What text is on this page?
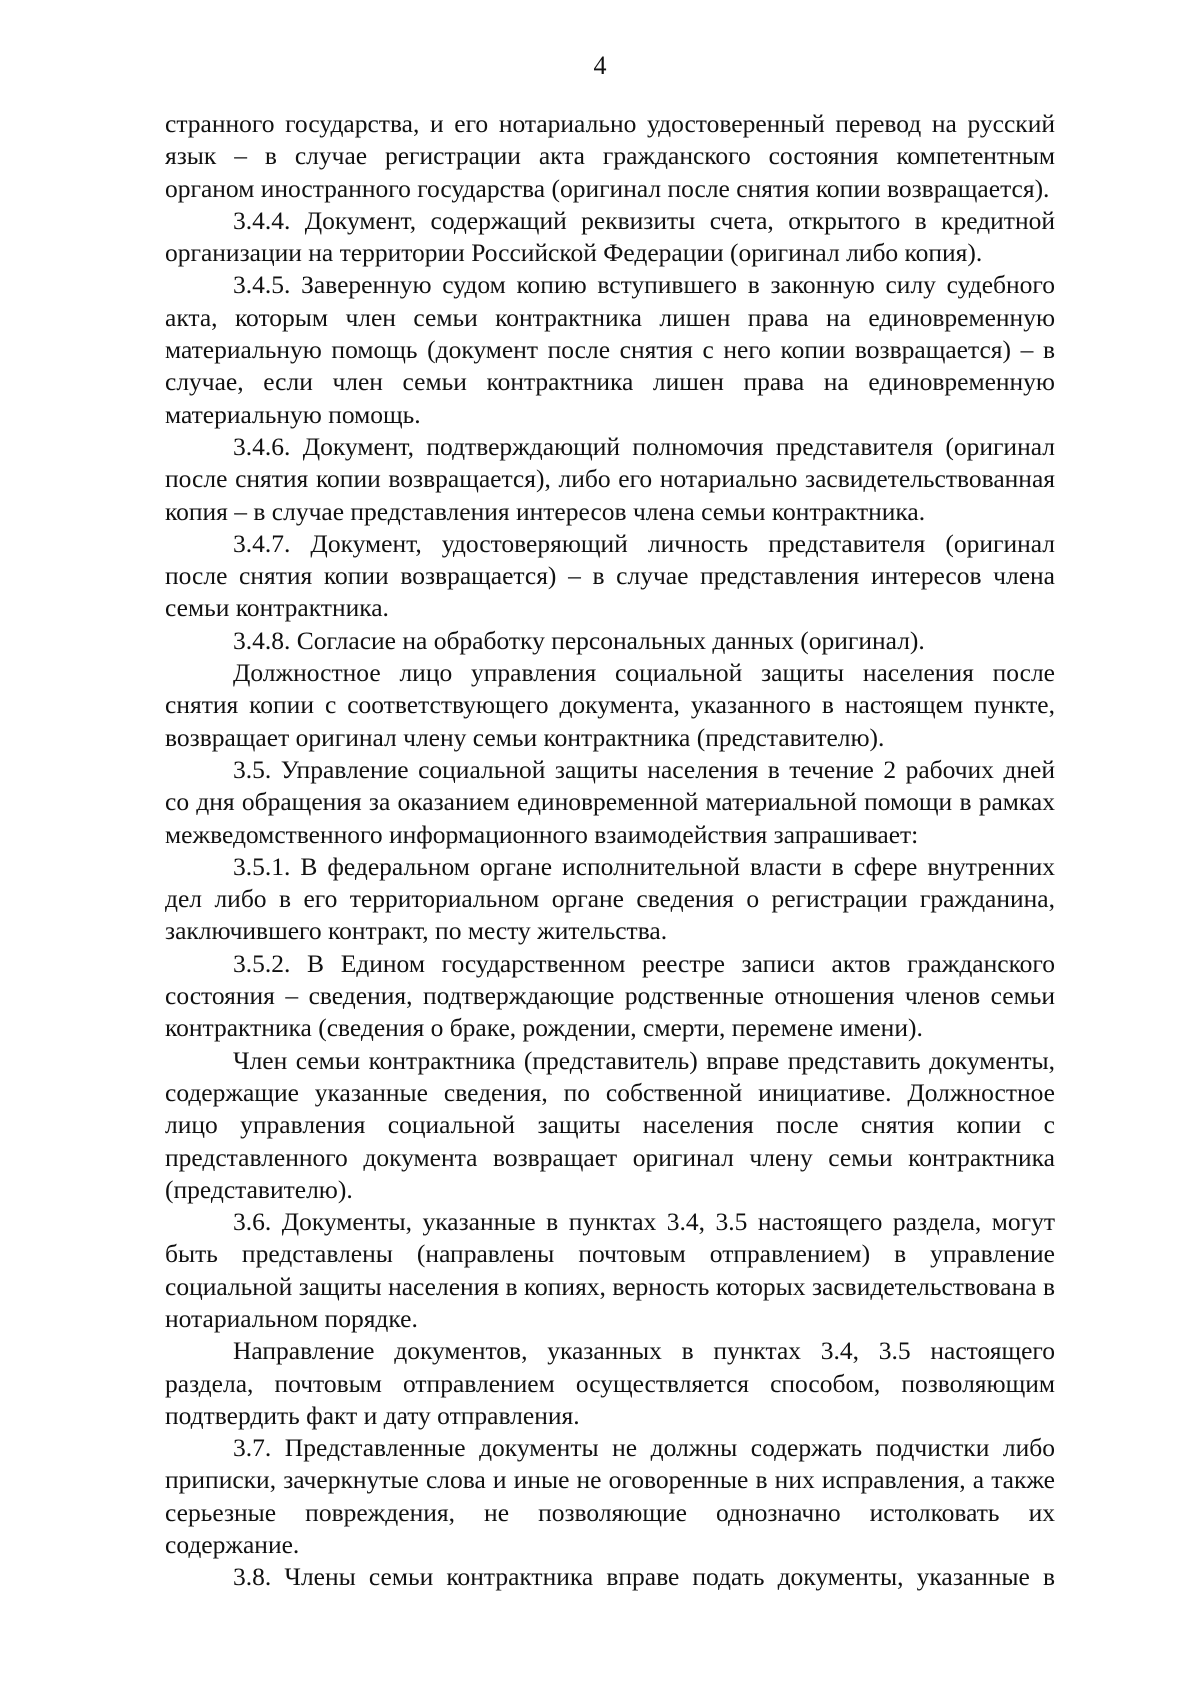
4

странного государства, и его нотариально удостоверенный перевод на русский язык – в случае регистрации акта гражданского состояния компетентным органом иностранного государства (оригинал после снятия копии возвращается).

3.4.4. Документ, содержащий реквизиты счета, открытого в кредитной организации на территории Российской Федерации (оригинал либо копия).

3.4.5. Заверенную судом копию вступившего в законную силу судебного акта, которым член семьи контрактника лишен права на единовременную материальную помощь (документ после снятия с него копии возвращается) – в случае, если член семьи контрактника лишен права на единовременную материальную помощь.

3.4.6. Документ, подтверждающий полномочия представителя (оригинал после снятия копии возвращается), либо его нотариально засвидетельствованная копия – в случае представления интересов члена семьи контрактника.

3.4.7. Документ, удостоверяющий личность представителя (оригинал после снятия копии возвращается) – в случае представления интересов члена семьи контрактника.

3.4.8. Согласие на обработку персональных данных (оригинал).

Должностное лицо управления социальной защиты населения после снятия копии с соответствующего документа, указанного в настоящем пункте, возвращает оригинал члену семьи контрактника (представителю).

3.5. Управление социальной защиты населения в течение 2 рабочих дней со дня обращения за оказанием единовременной материальной помощи в рамках межведомственного информационного взаимодействия запрашивает:

3.5.1. В федеральном органе исполнительной власти в сфере внутренних дел либо в его территориальном органе сведения о регистрации гражданина, заключившего контракт, по месту жительства.

3.5.2. В Едином государственном реестре записи актов гражданского состояния – сведения, подтверждающие родственные отношения членов семьи контрактника (сведения о браке, рождении, смерти, перемене имени).

Член семьи контрактника (представитель) вправе представить документы, содержащие указанные сведения, по собственной инициативе. Должностное лицо управления социальной защиты населения после снятия копии с представленного документа возвращает оригинал члену семьи контрактника (представителю).

3.6. Документы, указанные в пунктах 3.4, 3.5 настоящего раздела, могут быть представлены (направлены почтовым отправлением) в управление социальной защиты населения в копиях, верность которых засвидетельствована в нотариальном порядке.

Направление документов, указанных в пунктах 3.4, 3.5 настоящего раздела, почтовым отправлением осуществляется способом, позволяющим подтвердить факт и дату отправления.

3.7. Представленные документы не должны содержать подчистки либо приписки, зачеркнутые слова и иные не оговоренные в них исправления, а также серьезные повреждения, не позволяющие однозначно истолковать их содержание.

3.8. Члены семьи контрактника вправе подать документы, указанные в
